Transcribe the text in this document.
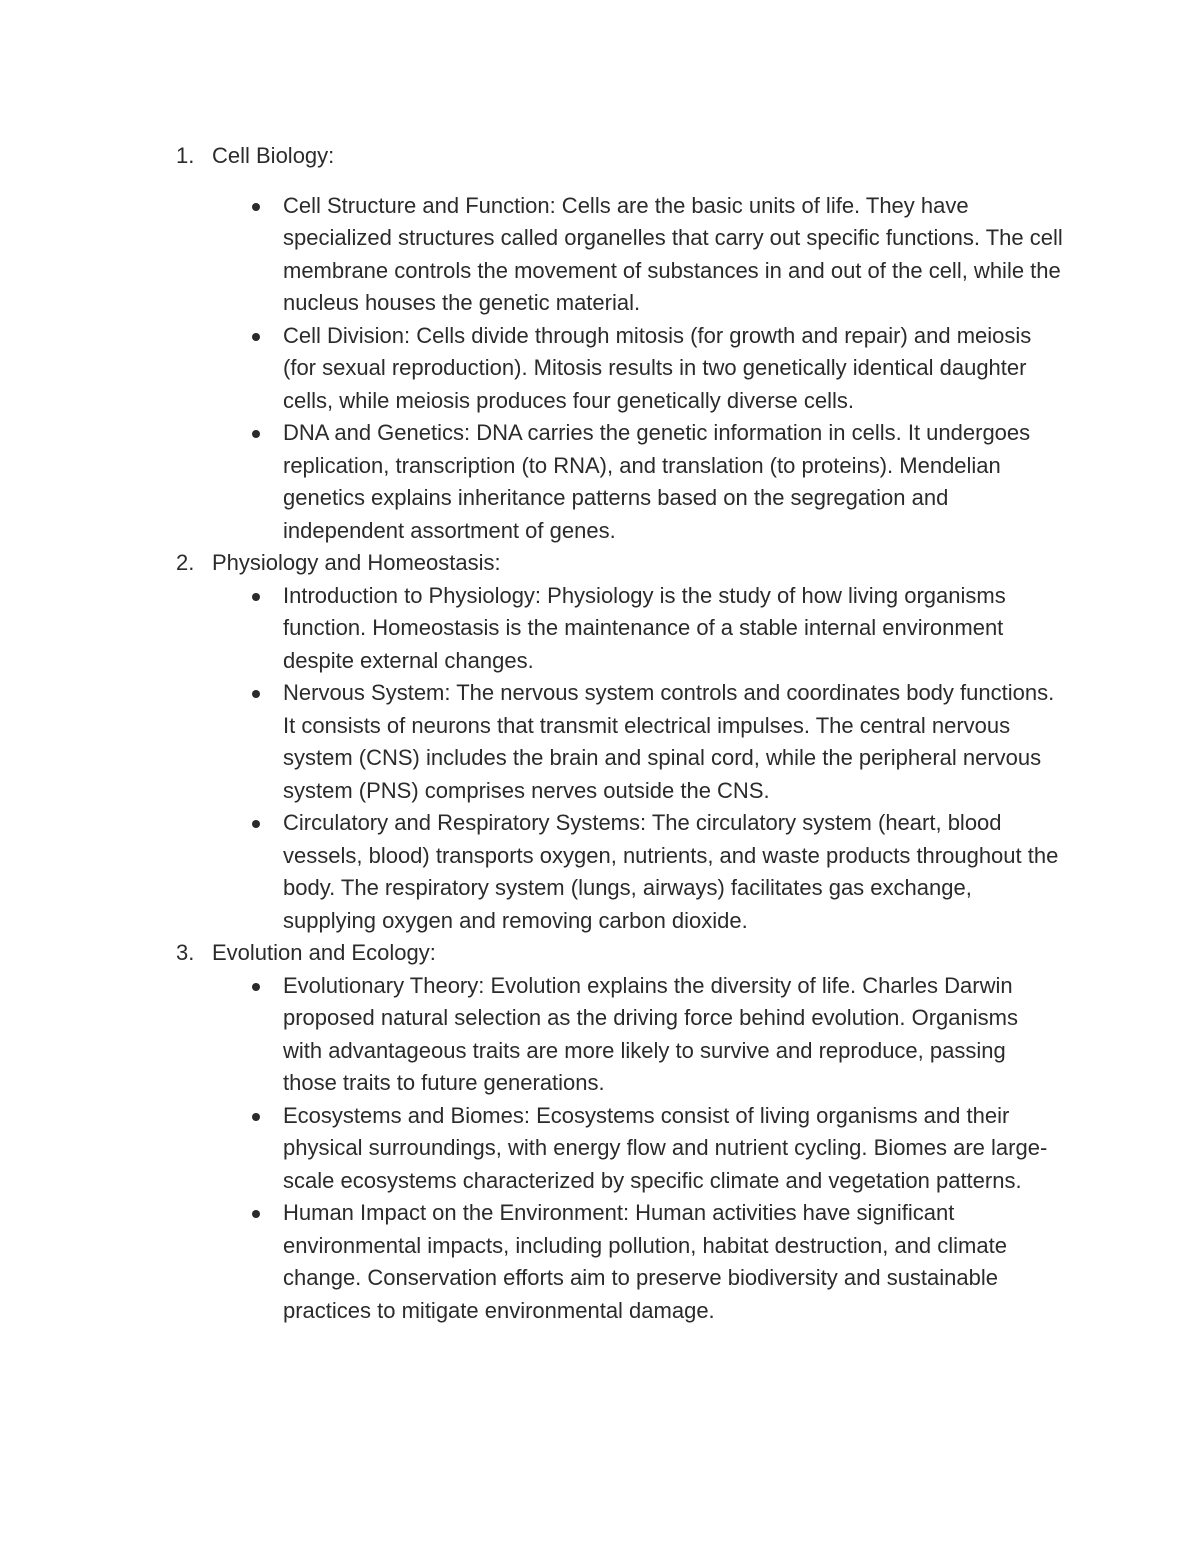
1. Cell Biology:
Cell Structure and Function: Cells are the basic units of life. They have specialized structures called organelles that carry out specific functions. The cell membrane controls the movement of substances in and out of the cell, while the nucleus houses the genetic material.
Cell Division: Cells divide through mitosis (for growth and repair) and meiosis (for sexual reproduction). Mitosis results in two genetically identical daughter cells, while meiosis produces four genetically diverse cells.
DNA and Genetics: DNA carries the genetic information in cells. It undergoes replication, transcription (to RNA), and translation (to proteins). Mendelian genetics explains inheritance patterns based on the segregation and independent assortment of genes.
2. Physiology and Homeostasis:
Introduction to Physiology: Physiology is the study of how living organisms function. Homeostasis is the maintenance of a stable internal environment despite external changes.
Nervous System: The nervous system controls and coordinates body functions. It consists of neurons that transmit electrical impulses. The central nervous system (CNS) includes the brain and spinal cord, while the peripheral nervous system (PNS) comprises nerves outside the CNS.
Circulatory and Respiratory Systems: The circulatory system (heart, blood vessels, blood) transports oxygen, nutrients, and waste products throughout the body. The respiratory system (lungs, airways) facilitates gas exchange, supplying oxygen and removing carbon dioxide.
3. Evolution and Ecology:
Evolutionary Theory: Evolution explains the diversity of life. Charles Darwin proposed natural selection as the driving force behind evolution. Organisms with advantageous traits are more likely to survive and reproduce, passing those traits to future generations.
Ecosystems and Biomes: Ecosystems consist of living organisms and their physical surroundings, with energy flow and nutrient cycling. Biomes are large-scale ecosystems characterized by specific climate and vegetation patterns.
Human Impact on the Environment: Human activities have significant environmental impacts, including pollution, habitat destruction, and climate change. Conservation efforts aim to preserve biodiversity and sustainable practices to mitigate environmental damage.
